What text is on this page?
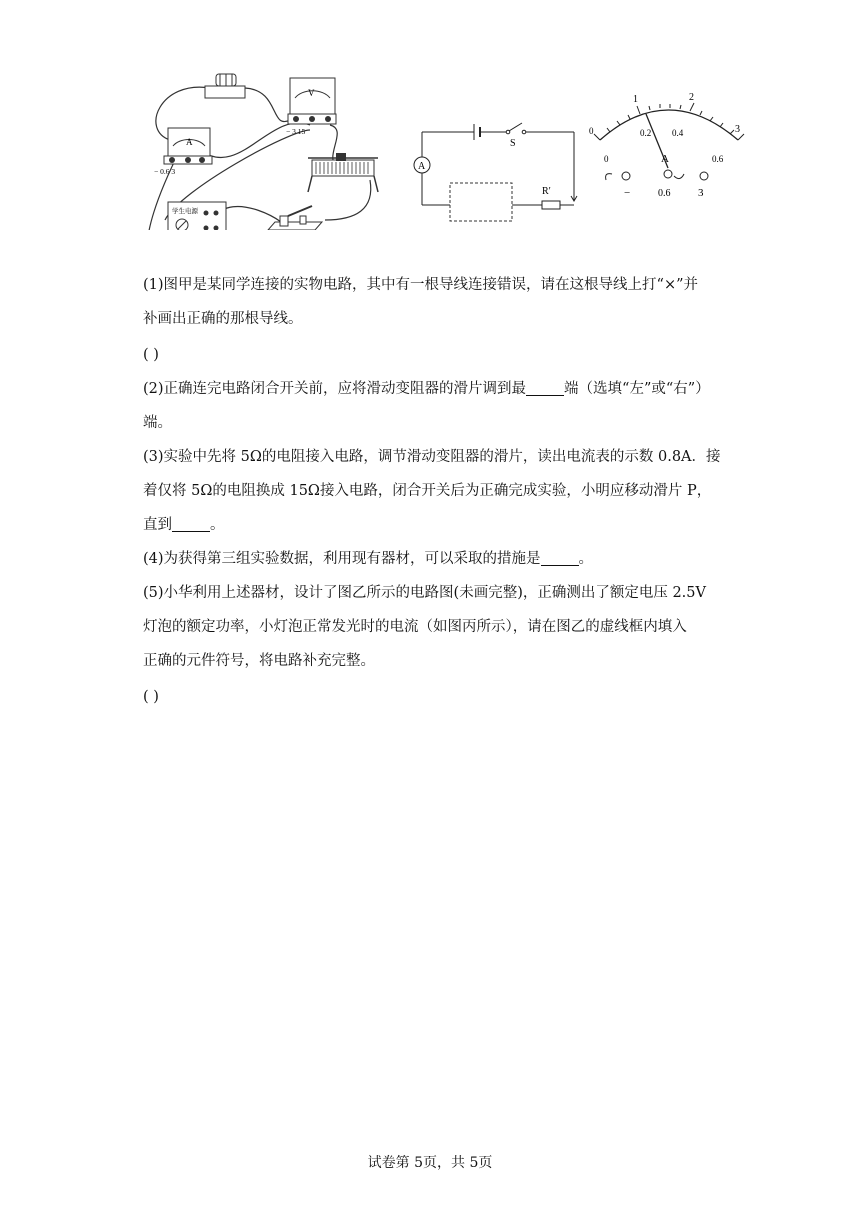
V
− 3 15
A
− 0.6 3
学生电源
S
A
R′
0
1	2
3
0
0.2 0.4
0.6
A
−	0.6	3
(1)图甲是某同学连接的实物电路，其中有一根导线连接错误，请在这根导线上打“×”并
补画出正确的那根导线。
( )
(2)正确连完电路闭合开关前，应将滑动变阻器的滑片调到最	端（选填“左”或“右”）
端。
(3)实验中先将 5Ω的电阻接入电路，调节滑动变阻器的滑片，读出电流表的示数 0.8A．接
着仅将 5Ω的电阻换成 15Ω接入电路，闭合开关后为正确完成实验，小明应移动滑片 P，
直到	。
(4)为获得第三组实验数据，利用现有器材，可以采取的措施是	。
(5)小华利用上述器材，设计了图乙所示的电路图(未画完整)，正确测出了额定电压 2.5V
灯泡的额定功率，小灯泡正常发光时的电流（如图丙所示），请在图乙的虚线框内填入
正确的元件符号，将电路补充完整。
( )
试卷第 5页，共 5页
